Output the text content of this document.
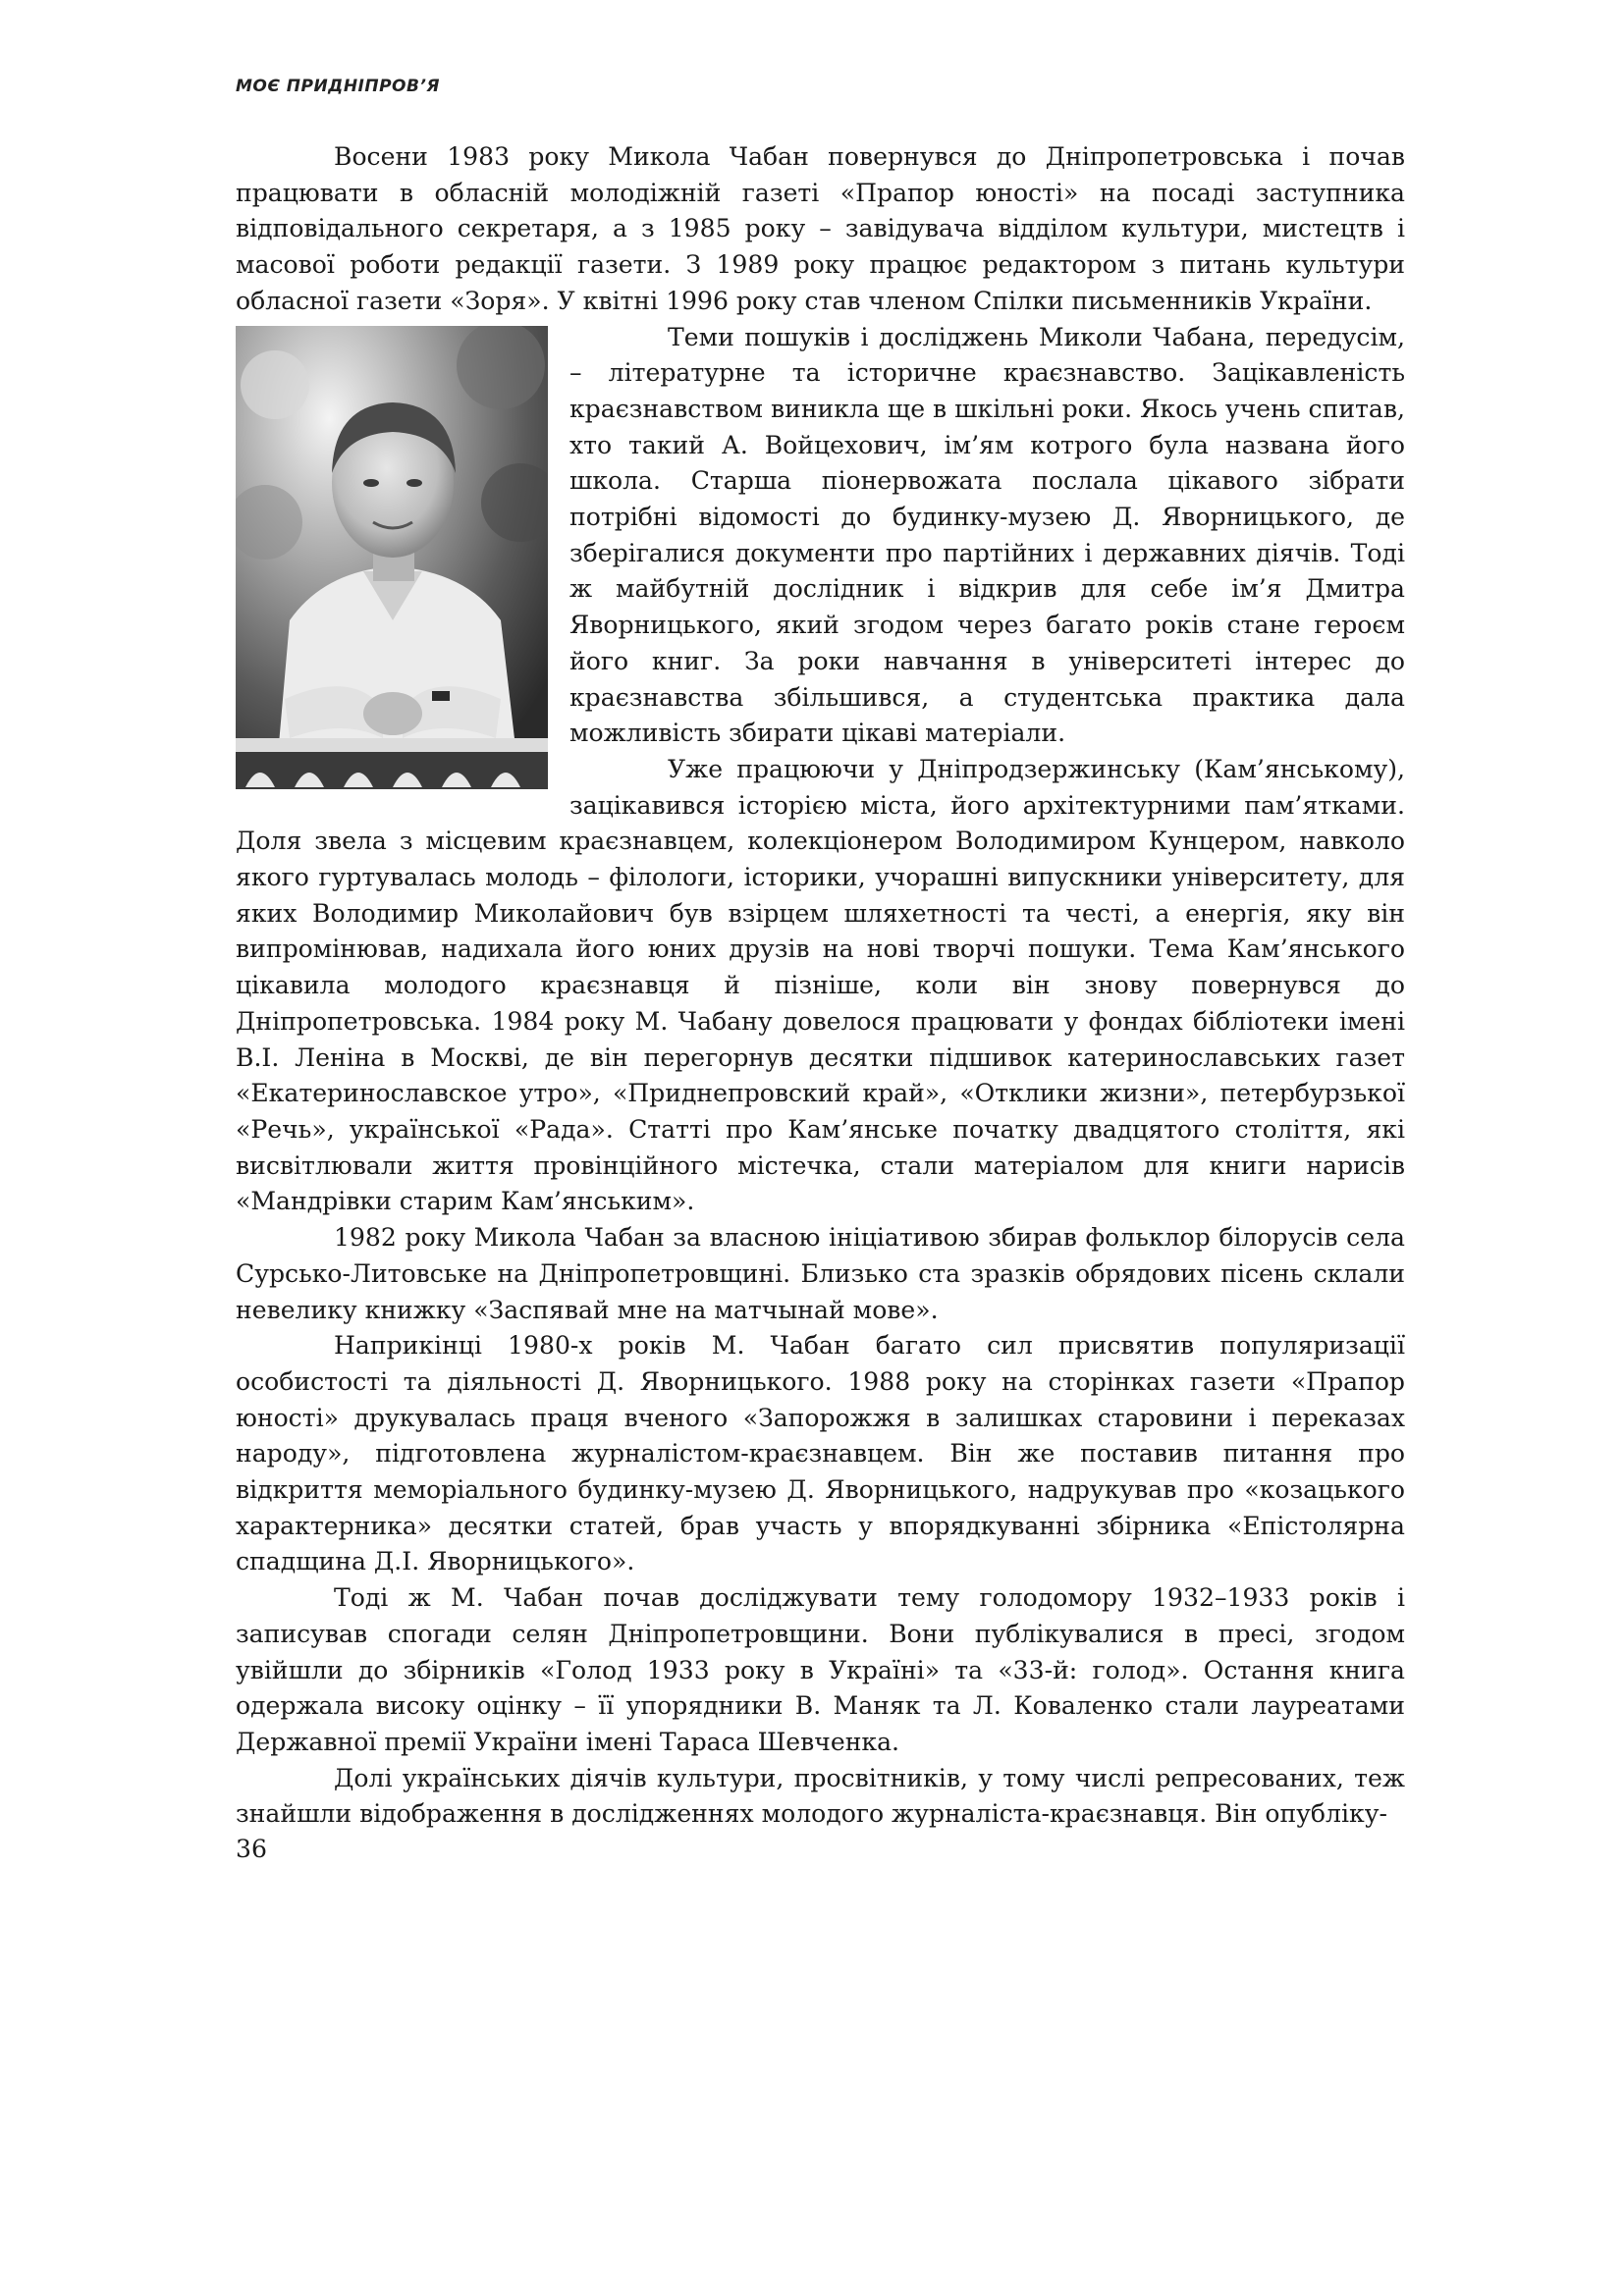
МОЄ ПРИДНІПРОВ’Я

Восени 1983 року Микола Чабан повернувся до Дніпропетровська і почав працювати в обласній молодіжній газеті «Прапор юності» на посаді заступника відповідального секретаря, а з 1985 року – завідувача відділом культури, мистецтв і масової роботи редакції газети. З 1989 року працює редактором з питань культури обласної газети «Зоря». У квітні 1996 року став членом Спілки письменників України.

Теми пошуків і досліджень Миколи Чабана, передусім, – літературне та історичне краєзнавство. Зацікавленість краєзнавством виникла ще в шкільні роки. Якось учень спитав, хто такий А. Войцехович, ім’ям котрого була названа його школа. Старша піонервожата послала цікавого зібрати потрібні відомості до будинку-музею Д. Яворницького, де зберігалися документи про партійних і державних діячів. Тоді ж майбутній дослідник і відкрив для себе ім’я Дмитра Яворницького, який згодом через багато років стане героєм його книг. За роки навчання в університеті інтерес до краєзнавства збільшився, а студентська практика дала можливість збирати цікаві матеріали.

Уже працюючи у Дніпродзержинську (Кам’янському), зацікавився історією міста, його архітектурними пам’ятками. Доля звела з місцевим краєзнавцем, колекціонером Володимиром Кунцером, навколо якого гуртувалась молодь – філологи, історики, учорашні випускники університету, для яких Володимир Миколайович був взірцем шляхетності та честі, а енергія, яку він випромінював, надихала його юних друзів на нові творчі пошуки. Тема Кам’янського цікавила молодого краєзнавця й пізніше, коли він знову повернувся до Дніпропетровська. 1984 року М. Чабану довелося працювати у фондах бібліотеки імені В.І. Леніна в Москві, де він перегорнув десятки підшивок катеринославських газет «Екатеринославское утро», «Приднепровский край», «Отклики жизни», петербурзької «Речь», української «Рада». Статті про Кам’янське початку двадцятого століття, які висвітлювали життя провінційного містечка, стали матеріалом для книги нарисів «Мандрівки старим Кам’янським».

1982 року Микола Чабан за власною ініціативою збирав фольклор білорусів села Сурсько-Литовське на Дніпропетровщині. Близько ста зразків обрядових пісень склали невелику книжку «Заспявай мне на матчынай мове».

Наприкінці 1980-х років М. Чабан багато сил присвятив популяризації особистості та діяльності Д. Яворницького. 1988 року на сторінках газети «Прапор юності» друкувалась праця вченого «Запорожжя в залишках старовини і переказах народу», підготовлена журналістом-краєзнавцем. Він же поставив питання про відкриття меморіального будинку-музею Д. Яворницького, надрукував про «козацького характерника» десятки статей, брав участь у впорядкуванні збірника «Епістолярна спадщина Д.І. Яворницького».

Тоді ж М. Чабан почав досліджувати тему голодомору 1932–1933 років і записував спогади селян Дніпропетровщини. Вони публікувалися в пресі, згодом увійшли до збірників «Голод 1933 року в Україні» та «33-й: голод». Остання книга одержала високу оцінку – її упорядники В. Маняк та Л. Коваленко стали лауреатами Державної премії України імені Тараса Шевченка.

Долі українських діячів культури, просвітників, у тому числі репресованих, теж знайшли відображення в дослідженнях молодого журналіста-краєзнавця. Він опубліку-

36
